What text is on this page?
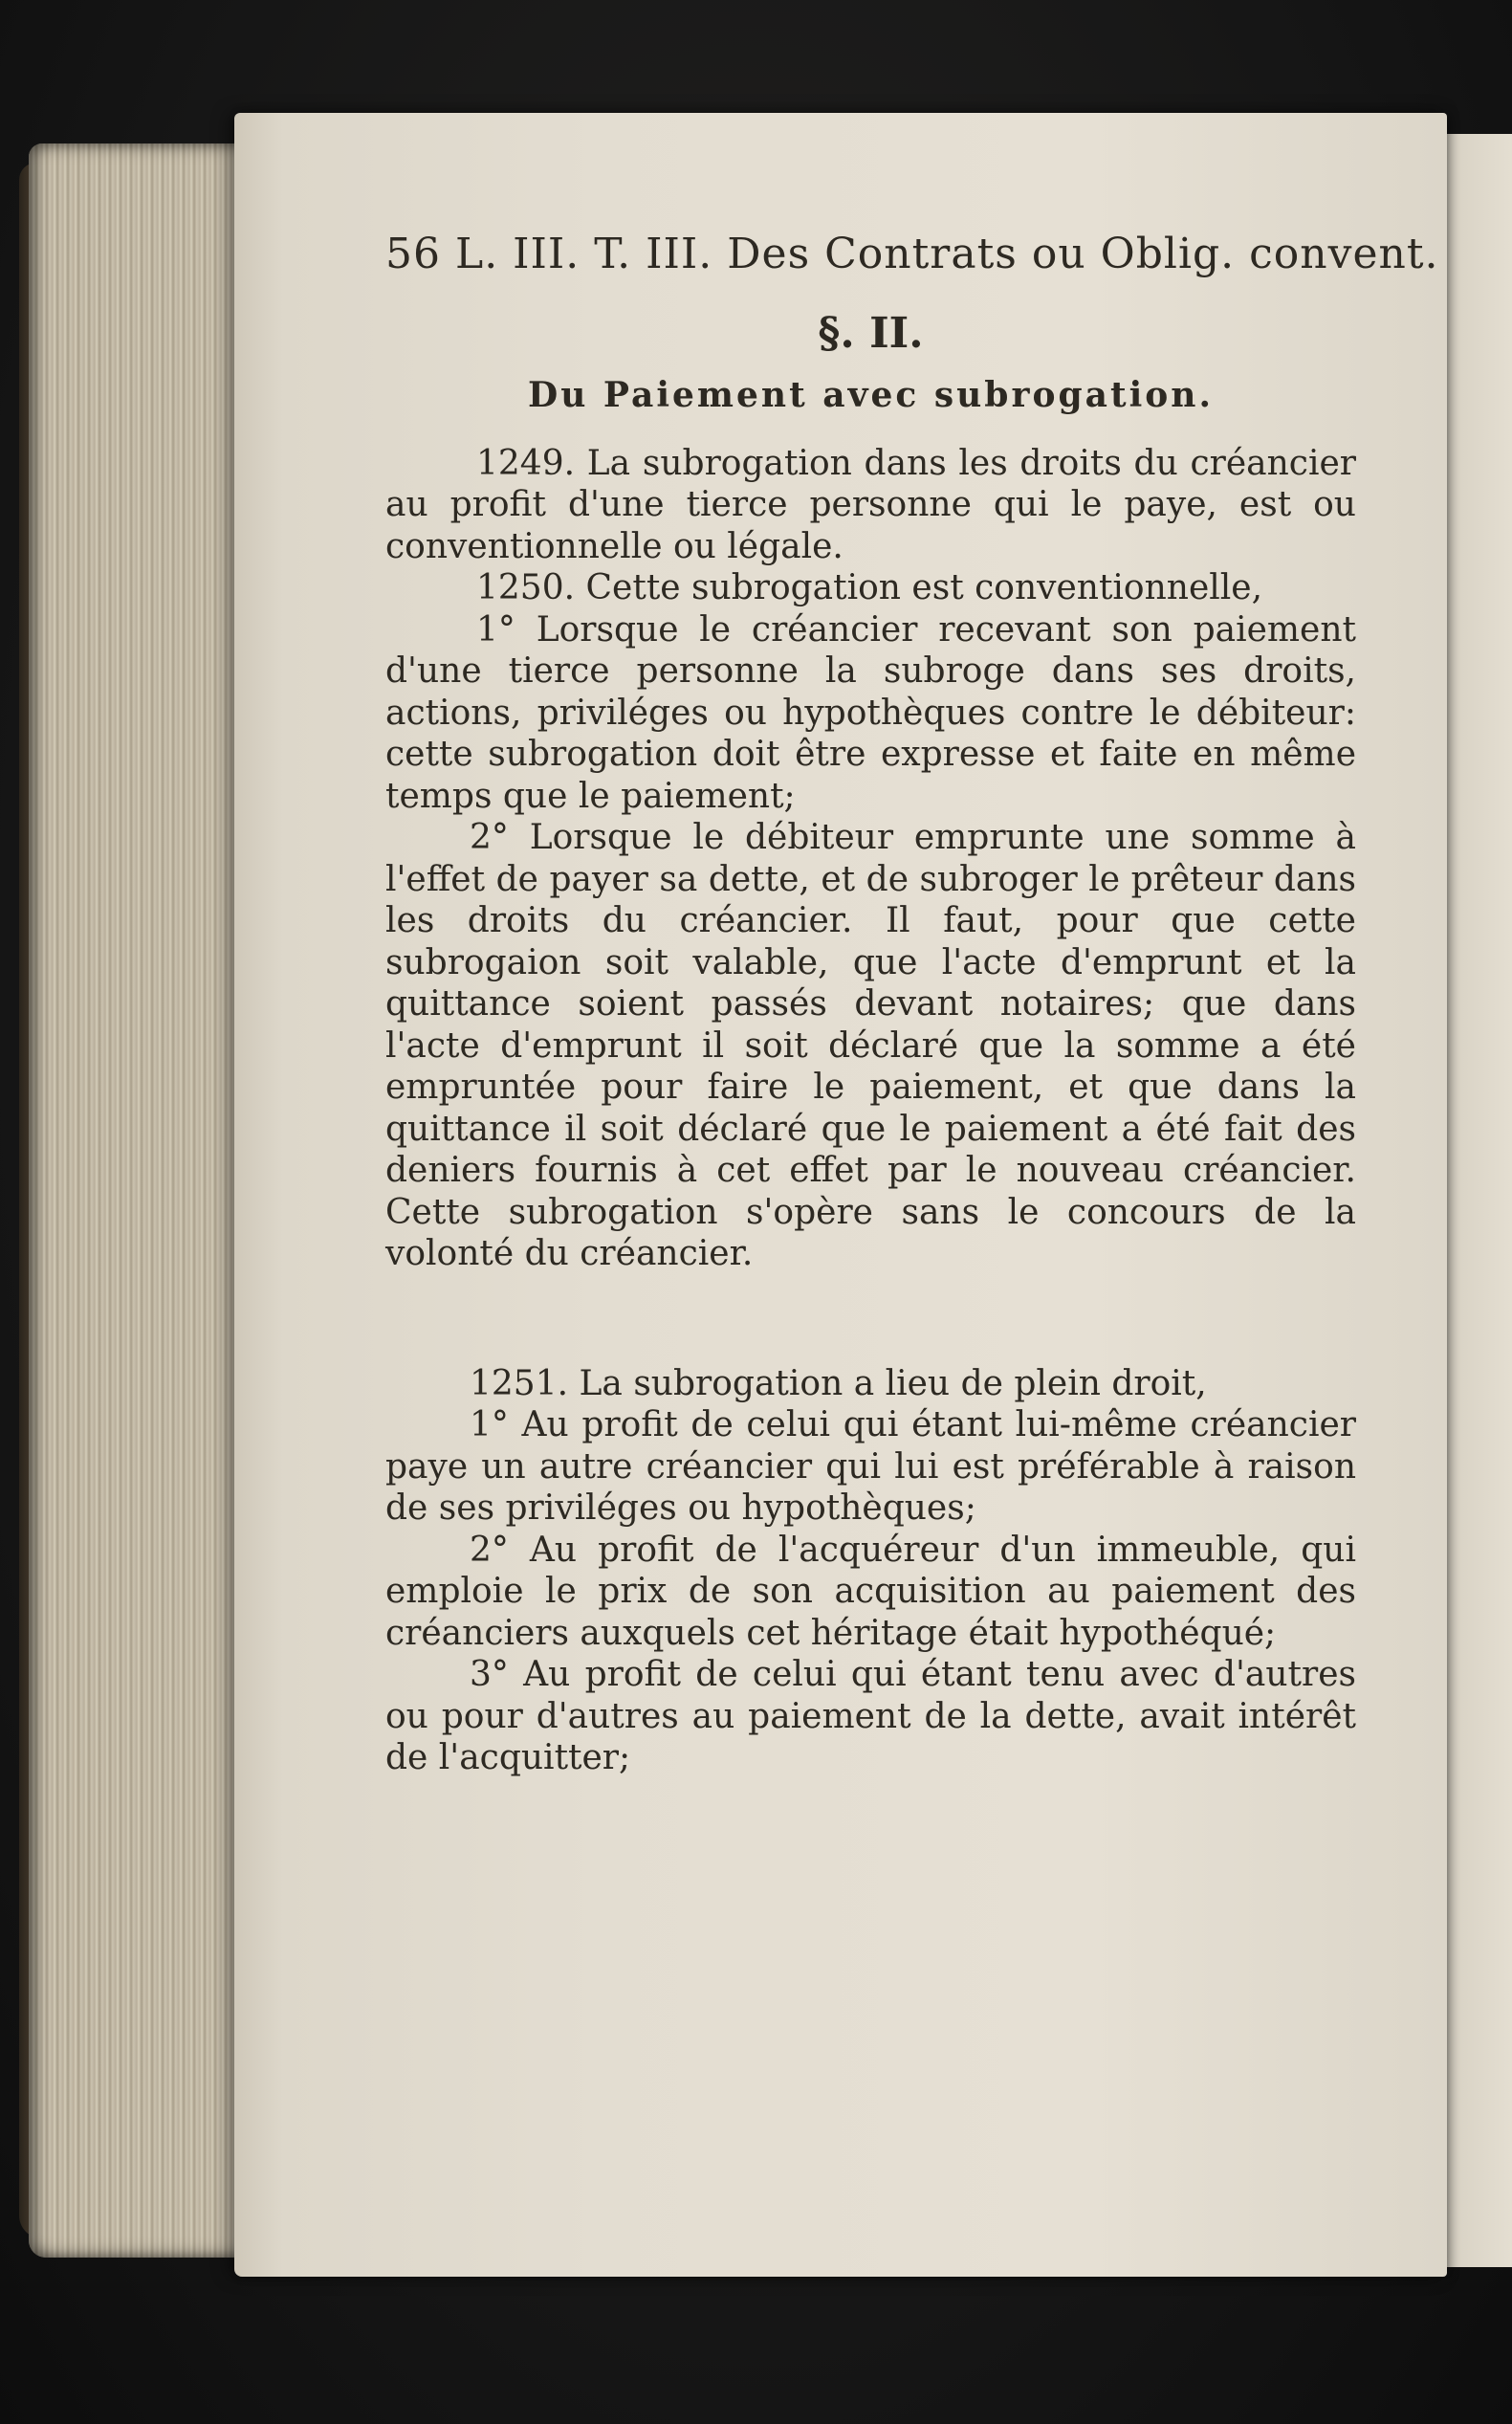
56 L. III. T. III. Des Contrats ou Oblig. convent.

§. II.

Du Paiement avec subrogation.

1249. La subrogation dans les droits du créancier au profit d'une tierce personne qui le paye, est ou conventionnelle ou légale.

1250. Cette subrogation est conventionnelle,

1° Lorsque le créancier recevant son paiement d'une tierce personne la subroge dans ses droits, actions, priviléges ou hypothèques contre le débiteur: cette subrogation doit être expresse et faite en même temps que le paiement;

2° Lorsque le débiteur emprunte une somme à l'effet de payer sa dette, et de subroger le prêteur dans les droits du créancier. Il faut, pour que cette subrogaion soit valable, que l'acte d'emprunt et la quittance soient passés devant notaires; que dans l'acte d'emprunt il soit déclaré que la somme a été empruntée pour faire le paiement, et que dans la quittance il soit déclaré que le paiement a été fait des deniers fournis à cet effet par le nouveau créancier. Cette subrogation s'opère sans le concours de la volonté du créancier.

1251. La subrogation a lieu de plein droit,

1° Au profit de celui qui étant lui-même créancier paye un autre créancier qui lui est préférable à raison de ses priviléges ou hypothèques;

2° Au profit de l'acquéreur d'un immeuble, qui emploie le prix de son acquisition au paiement des créanciers auxquels cet héritage était hypothéqué;

3° Au profit de celui qui étant tenu avec d'autres ou pour d'autres au paiement de la dette, avait intérêt de l'acquitter;
